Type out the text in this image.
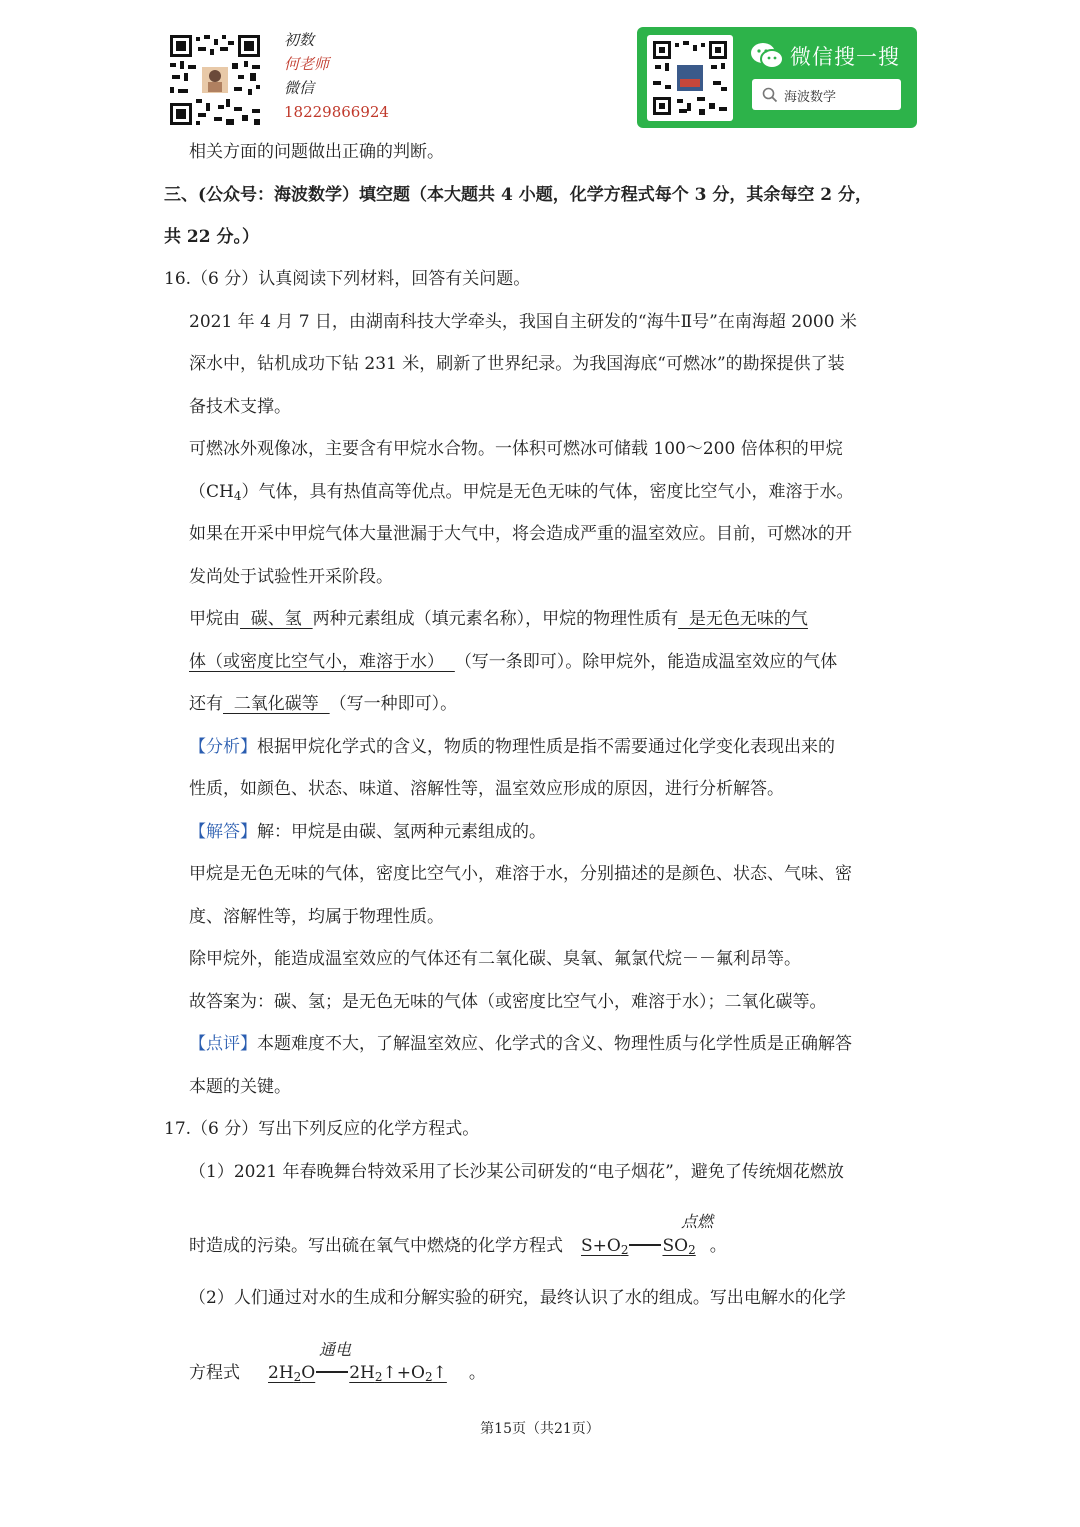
初数
何老师
微信
18229866924
微信搜一搜
海波数学
相关方面的问题做出正确的判断。
三、(公众号：海波数学）填空题（本大题共 4 小题，化学方程式每个 3 分，其余每空 2 分，
共 22 分。）
16.（6 分）认真阅读下列材料，回答有关问题。
2021 年 4 月 7 日，由湖南科技大学牵头，我国自主研发的“海牛Ⅱ号”在南海超 2000 米
深水中，钻机成功下钻 231 米，刷新了世界纪录。为我国海底“可燃冰”的勘探提供了装
备技术支撑。
可燃冰外观像冰，主要含有甲烷水合物。一体积可燃冰可储载 100～200 倍体积的甲烷
$(CH_4)$气体，具有热值高等优点。甲烷是无色无味的气体，密度比空气小，难溶于水。
如果在开采中甲烷气体大量泄漏于大气中，将会造成严重的温室效应。目前，可燃冰的开
发尚处于试验性开采阶段。
甲烷由  碳、氢  两种元素组成（填元素名称），甲烷的物理性质有  是无色无味的气
体（或密度比空气小，难溶于水）  （写一条即可）。除甲烷外，能造成温室效应的气体
还有  二氧化碳等  （写一种即可）。
【分析】根据甲烷化学式的含义，物质的物理性质是指不需要通过化学变化表现出来的
性质，如颜色、状态、味道、溶解性等，温室效应形成的原因，进行分析解答。
【解答】解：甲烷是由碳、氢两种元素组成的。
甲烷是无色无味的气体，密度比空气小，难溶于水，分别描述的是颜色、状态、气味、密
度、溶解性等，均属于物理性质。
除甲烷外，能造成温室效应的气体还有二氧化碳、臭氧、氟氯代烷－－氟利昂等。
故答案为：碳、氢；是无色无味的气体（或密度比空气小，难溶于水）；二氧化碳等。
【点评】本题难度不大，了解温室效应、化学式的含义、物理性质与化学性质是正确解答
本题的关键。
17.（6 分）写出下列反应的化学方程式。
（1）2021 年春晚舞台特效采用了长沙某公司研发的“电子烟花”，避免了传统烟花燃放
点燃
时造成的污染。写出硫在氧气中燃烧的化学方程式 $S+O_2$ $SO_2$ 。
（2）人们通过对水的生成和分解实验的研究，最终认识了水的组成。写出电解水的化学
通电
方程式 $2H_2O$ $2H_2↑+O_2↑$ 。
第15页（共21页）
